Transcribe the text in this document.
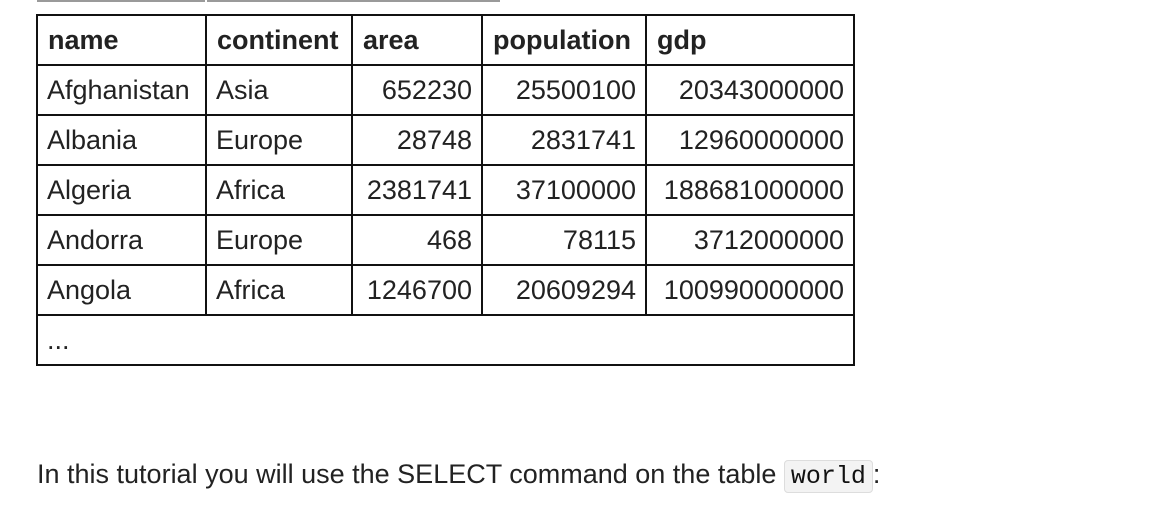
name	continent	area	population	gdp
Afghanistan	Asia	652230	25500100	20343000000
Albania	Europe	28748	2831741	12960000000
Algeria	Africa	2381741	37100000	188681000000
Andorra	Europe	468	78115	3712000000
Angola	Africa	1246700	20609294	100990000000
...				

In this tutorial you will use the SELECT command on the table world :
